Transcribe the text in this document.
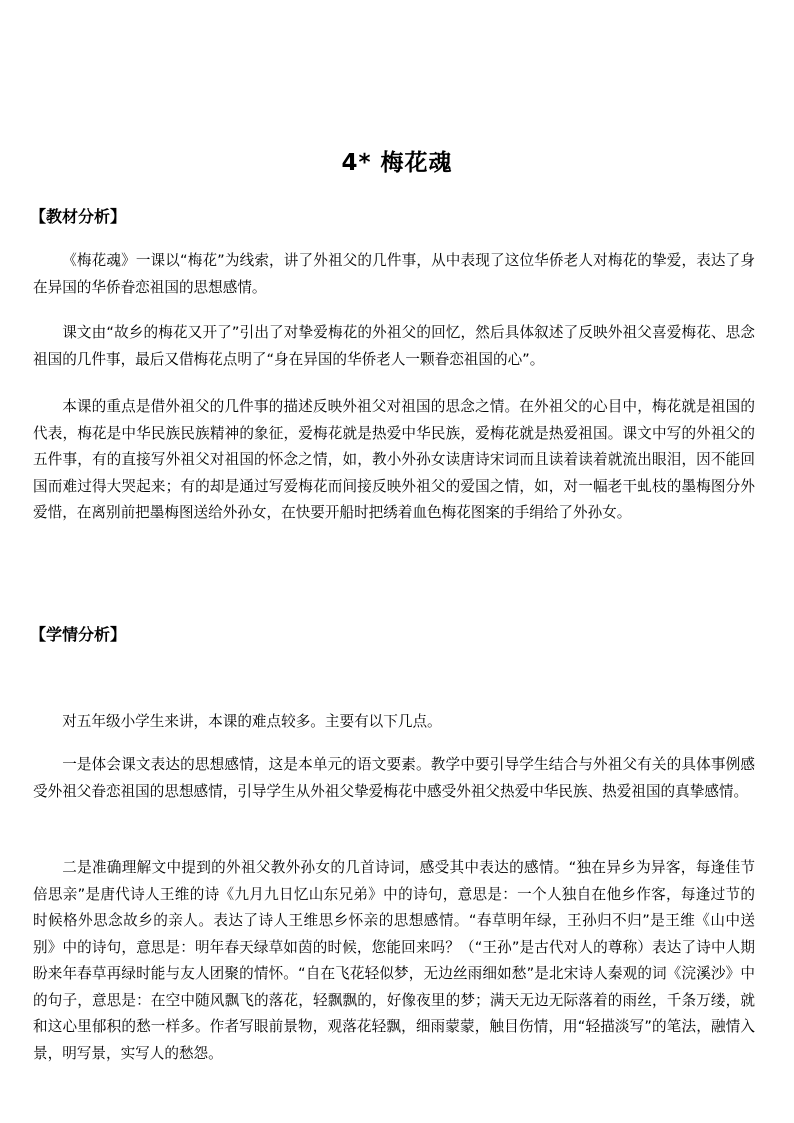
4* 梅花魂
【教材分析】

《梅花魂》一课以“梅花”为线索，讲了外祖父的几件事，从中表现了这位华侨老人对梅花的挚爱，表达了身在异国的华侨眷恋祖国的思想感情。

课文由“故乡的梅花又开了”引出了对挚爱梅花的外祖父的回忆，然后具体叙述了反映外祖父喜爱梅花、思念祖国的几件事，最后又借梅花点明了“身在异国的华侨老人一颗眷恋祖国的心”。

本课的重点是借外祖父的几件事的描述反映外祖父对祖国的思念之情。在外祖父的心目中，梅花就是祖国的代表，梅花是中华民族民族精神的象征，爱梅花就是热爱中华民族，爱梅花就是热爱祖国。课文中写的外祖父的五件事，有的直接写外祖父对祖国的怀念之情，如，教小外孙女读唐诗宋词而且读着读着就流出眼泪，因不能回国而难过得大哭起来；有的却是通过写爱梅花而间接反映外祖父的爱国之情，如，对一幅老干虬枝的墨梅图分外爱惜，在离别前把墨梅图送给外孙女，在快要开船时把绣着血色梅花图案的手绢给了外孙女。

【学情分析】

对五年级小学生来讲，本课的难点较多。主要有以下几点。

一是体会课文表达的思想感情，这是本单元的语文要素。教学中要引导学生结合与外祖父有关的具体事例感受外祖父眷恋祖国的思想感情，引导学生从外祖父挚爱梅花中感受外祖父热爱中华民族、热爱祖国的真挚感情。

二是准确理解文中提到的外祖父教外孙女的几首诗词，感受其中表达的感情。“独在异乡为异客，每逢佳节倍思亲”是唐代诗人王维的诗《九月九日忆山东兄弟》中的诗句，意思是：一个人独自在他乡作客，每逢过节的时候格外思念故乡的亲人。表达了诗人王维思乡怀亲的思想感情。“春草明年绿，王孙归不归”是王维《山中送别》中的诗句，意思是：明年春天绿草如茵的时候，您能回来吗？（“王孙”是古代对人的尊称）表达了诗中人期盼来年春草再绿时能与友人团聚的情怀。“自在飞花轻似梦，无边丝雨细如愁”是北宋诗人秦观的词《浣溪沙》中的句子，意思是：在空中随风飘飞的落花，轻飘飘的，好像夜里的梦；满天无边无际落着的雨丝，千条万缕，就和这心里郁积的愁一样多。作者写眼前景物，观落花轻飘，细雨蒙蒙，触目伤情，用“轻描淡写”的笔法，融情入景，明写景，实写人的愁怨。
